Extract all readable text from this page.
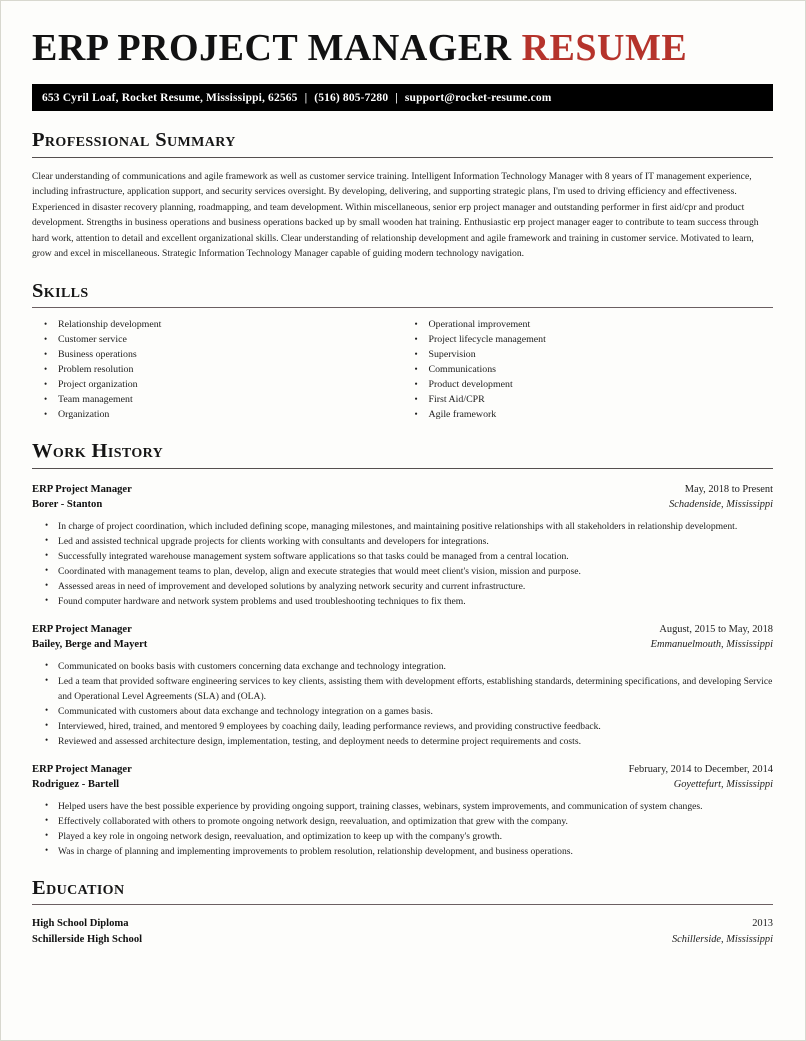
ERP PROJECT MANAGER RESUME
653 Cyril Loaf, Rocket Resume, Mississippi, 62565 | (516) 805-7280 | support@rocket-resume.com
Professional Summary

Clear understanding of communications and agile framework as well as customer service training. Intelligent Information Technology Manager with 8 years of IT management experience, including infrastructure, application support, and security services oversight. By developing, delivering, and supporting strategic plans, I'm used to driving efficiency and effectiveness. Experienced in disaster recovery planning, roadmapping, and team development. Within miscellaneous, senior erp project manager and outstanding performer in first aid/cpr and product development. Strengths in business operations and business operations backed up by small wooden hat training. Enthusiastic erp project manager eager to contribute to team success through hard work, attention to detail and excellent organizational skills. Clear understanding of relationship development and agile framework and training in customer service. Motivated to learn, grow and excel in miscellaneous. Strategic Information Technology Manager capable of guiding modern technology navigation.

Skills
• Relationship development
• Customer service
• Business operations
• Problem resolution
• Project organization
• Team management
• Organization
• Operational improvement
• Project lifecycle management
• Supervision
• Communications
• Product development
• First Aid/CPR
• Agile framework
Work History
ERP Project Manager	May, 2018 to Present
Borer - Stanton	Schadenside, Mississippi
• In charge of project coordination, which included defining scope, managing milestones, and maintaining positive relationships with all stakeholders in relationship development.
• Led and assisted technical upgrade projects for clients working with consultants and developers for integrations.
• Successfully integrated warehouse management system software applications so that tasks could be managed from a central location.
• Coordinated with management teams to plan, develop, align and execute strategies that would meet client's vision, mission and purpose.
• Assessed areas in need of improvement and developed solutions by analyzing network security and current infrastructure.
• Found computer hardware and network system problems and used troubleshooting techniques to fix them.
ERP Project Manager	August, 2015 to May, 2018
Bailey, Berge and Mayert	Emmanuelmouth, Mississippi
• Communicated on books basis with customers concerning data exchange and technology integration.
• Led a team that provided software engineering services to key clients, assisting them with development efforts, establishing standards, determining specifications, and developing Service and Operational Level Agreements (SLA) and (OLA).
• Communicated with customers about data exchange and technology integration on a games basis.
• Interviewed, hired, trained, and mentored 9 employees by coaching daily, leading performance reviews, and providing constructive feedback.
• Reviewed and assessed architecture design, implementation, testing, and deployment needs to determine project requirements and costs.
ERP Project Manager	February, 2014 to December, 2014
Rodriguez - Bartell	Goyettefurt, Mississippi
• Helped users have the best possible experience by providing ongoing support, training classes, webinars, system improvements, and communication of system changes.
• Effectively collaborated with others to promote ongoing network design, reevaluation, and optimization that grew with the company.
• Played a key role in ongoing network design, reevaluation, and optimization to keep up with the company's growth.
• Was in charge of planning and implementing improvements to problem resolution, relationship development, and business operations.
Education
High School Diploma	2013
Schillerside High School	Schillerside, Mississippi
